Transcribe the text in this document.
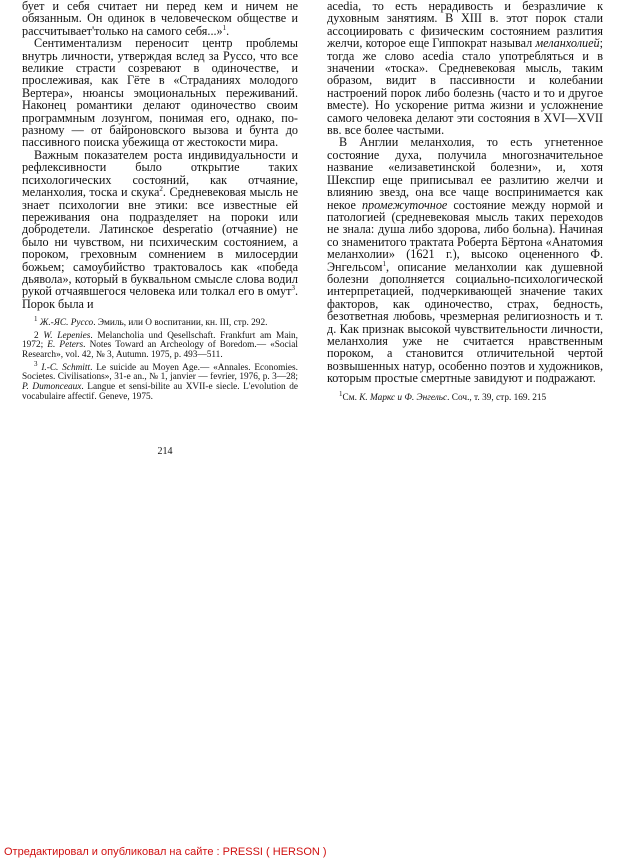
бует и себя считает ни перед кем и ничем не обязанным. Он одинок в человеческом обществе и рассчитывает'только на самого себя...»$^1$.

Сентиментализм переносит центр проблемы внутрь личности, утверждая вслед за Руссо, что все великие страсти созревают в одиночестве, и прослеживая, как Гёте в «Страданиях молодого Вертера», нюансы эмоциональных переживаний. Наконец романтики делают одиночество своим программным лозунгом, понимая его, однако, по-разному — от байроновского вызова и бунта до пассивного поиска убежища от жестокости мира.

Важным показателем роста индивидуальности и рефлексивности было открытие таких психологических состояний, как отчаяние, меланхолия, тоска и скука$^2$. Средневековая мысль не знает психологии вне этики: все известные ей переживания она подразделяет на пороки или добродетели. Латинское desperatio (отчаяние) не было ни чувством, ни психическим состоянием, а пороком, греховным сомнением в милосердии божьем; самоубийство трактовалось как «победа дьявола», который в буквальном смысле слова водил рукой отчаявшегося человека или толкал его в омут$^3$. Порок была и

$^1$ Ж.-ЯС. Руссо. Эмиль, или О воспитании, кн. III, стр. 292.

2 W. Lepenies. Melancholia und Qesellschaft. Frankfurt am Main, 1972; E. Peters. Notes Toward an Archeology of Boredom.— «Social Research», vol. 42, № 3, Autumn. 1975, p. 493—511.

$^3$ I.-C. Schmitt. Le suicide au Moyen Age.— «Annales. Economies. Societes. Civilisations», 31-e an., № 1, janvier — fevrier, 1976, p. 3—28; P. Dumonceaux. Langue et sensi-bilite au XVII-e siecle. L'evolution de vocabulaire affectif. Geneve, 1975.

214

acedia, то есть нерадивость и безразличие к духовным занятиям. В XIII в. этот порок стали ассоциировать с физическим состоянием разлития желчи, которое еще Гиппократ называл меланхолией; тогда же слово acedia стало употребляться и в значении «тоска». Средневековая мысль, таким образом, видит в пассивности и колебании настроений порок либо болезнь (часто и то и другое вместе). Но ускорение ритма жизни и усложнение самого человека делают эти состояния в XVI—XVII вв. все более частыми.

В Англии меланхолия, то есть угнетенное состояние духа, получила многозначительное название «елизаветинской болезни», и, хотя Шекспир еще приписывал ее разлитию желчи и влиянию звезд, она все чаще воспринимается как некое промежуточное состояние между нормой и патологией (средневековая мысль таких переходов не знала: душа либо здорова, либо больна). Начиная со знаменитого трактата Роберта Бёртона «Анатомия меланхолии» (1621 г.), высоко оцененного Ф. Энгельсом$^1$, описание меланхолии как душевной болезни дополняется социально-психологической интерпретацией, подчеркивающей значение таких факторов, как одиночество, страх, бедность, безответная любовь, чрезмерная религиозность и т. д. Как признак высокой чувствительности личности, меланхолия уже не считается нравственным пороком, а становится отличительной чертой возвышенных натур, особенно поэтов и художников, которым простые смертные завидуют и подражают.

$^1$См. К. Маркс и Ф. Энгельс. Соч., т. 39, стр. 169. 215

Отредактировал и опубликовал на сайте : PRESSI ( HERSON )
